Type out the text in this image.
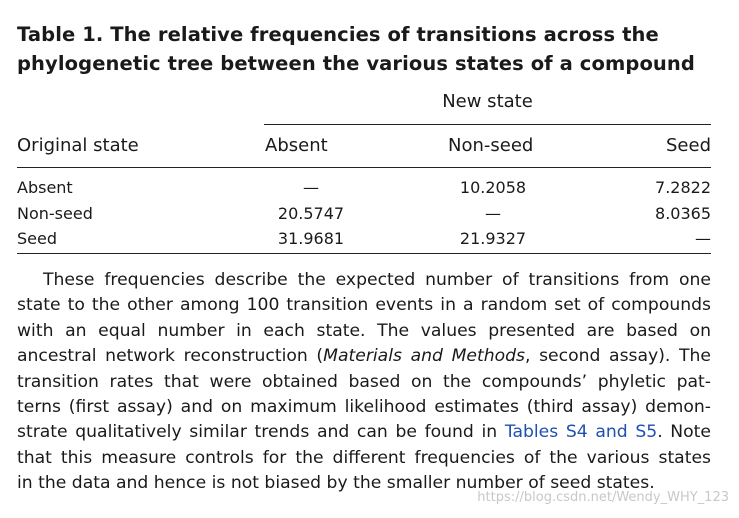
Table 1. The relative frequencies of transitions across the
phylogenetic tree between the various states of a compound
New state
Original state	Absent	Non-seed	Seed
Absent	—	10.2058	7.2822
Non-seed	20.5747	—	8.0365
Seed	31.9681	21.9327	—
These frequencies describe the expected number of transitions from one
state to the other among 100 transition events in a random set of compounds
with an equal number in each state. The values presented are based on
ancestral network reconstruction (Materials and Methods, second assay). The
transition rates that were obtained based on the compounds’ phyletic pat-
terns (first assay) and on maximum likelihood estimates (third assay) demon-
strate qualitatively similar trends and can be found in Tables S4 and S5. Note
that this measure controls for the different frequencies of the various states
in the data and hence is not biased by the smaller number of seed states.
https://blog.csdn.net/Wendy_WHY_123
